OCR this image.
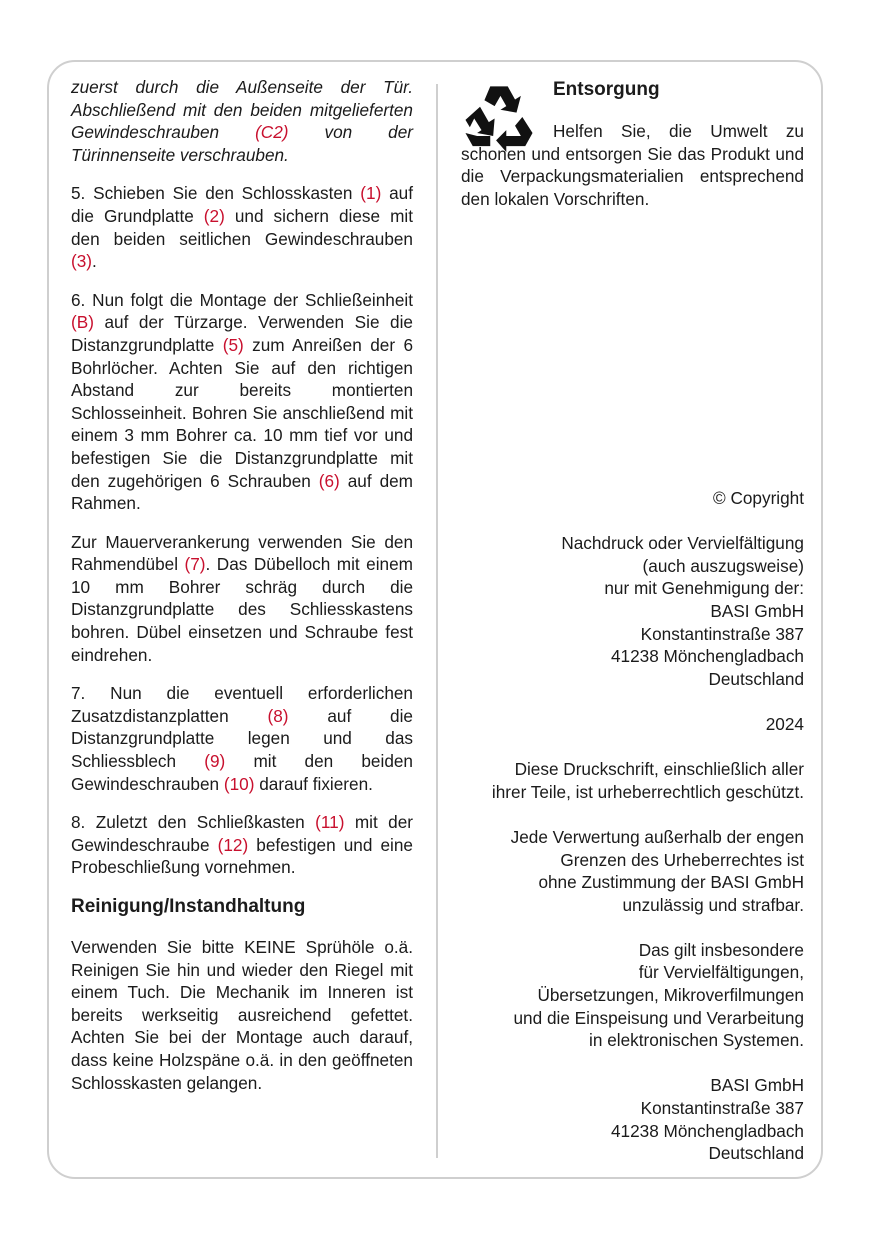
zuerst durch die Außenseite der Tür. Abschließend mit den beiden mitgelieferten Gewindeschrauben (C2) von der Türinnenseite verschrauben.

5. Schieben Sie den Schlosskasten (1) auf die Grundplatte (2) und sichern diese mit den beiden seitlichen Gewindeschrauben (3).

6. Nun folgt die Montage der Schließeinheit (B) auf der Türzarge. Verwenden Sie die Distanzgrundplatte (5) zum Anreißen der 6 Bohrlöcher. Achten Sie auf den richtigen Abstand zur bereits montierten Schlosseinheit. Bohren Sie anschließend mit einem 3 mm Bohrer ca. 10 mm tief vor und befestigen Sie die Distanzgrundplatte mit den zugehörigen 6 Schrauben (6) auf dem Rahmen.

Zur Mauerverankerung verwenden Sie den Rahmendübel (7). Das Dübelloch mit einem 10 mm Bohrer schräg durch die Distanzgrundplatte des Schliesskastens bohren. Dübel einsetzen und Schraube fest eindrehen.

7. Nun die eventuell erforderlichen Zusatzdistanzplatten (8) auf die Distanzgrundplatte legen und das Schliessblech (9) mit den beiden Gewindeschrauben (10) darauf fixieren.

8. Zuletzt den Schließkasten (11) mit der Gewindeschraube (12) befestigen und eine Probeschließung vornehmen.

Reinigung/Instandhaltung

Verwenden Sie bitte KEINE Sprühöle o.ä. Reinigen Sie hin und wieder den Riegel mit einem Tuch. Die Mechanik im Inneren ist bereits werkseitig ausreichend gefettet. Achten Sie bei der Montage auch darauf, dass keine Holzspäne o.ä. in den geöffneten Schlosskasten gelangen.

Entsorgung

Helfen Sie, die Umwelt zu schonen und entsorgen Sie das Produkt und die Verpackungsmaterialien entsprechend den lokalen Vorschriften.

© Copyright

Nachdruck oder Vervielfältigung
(auch auszugsweise)
nur mit Genehmigung der:
BASI GmbH
Konstantinstraße 387
41238 Mönchengladbach
Deutschland

2024

Diese Druckschrift, einschließlich aller
ihrer Teile, ist urheberrechtlich geschützt.

Jede Verwertung außerhalb der engen
Grenzen des Urheberrechtes ist
ohne Zustimmung der BASI GmbH
unzulässig und strafbar.

Das gilt insbesondere
für Vervielfältigungen,
Übersetzungen, Mikroverfilmungen
und die Einspeisung und Verarbeitung
in elektronischen Systemen.

BASI GmbH
Konstantinstraße 387
41238 Mönchengladbach
Deutschland
